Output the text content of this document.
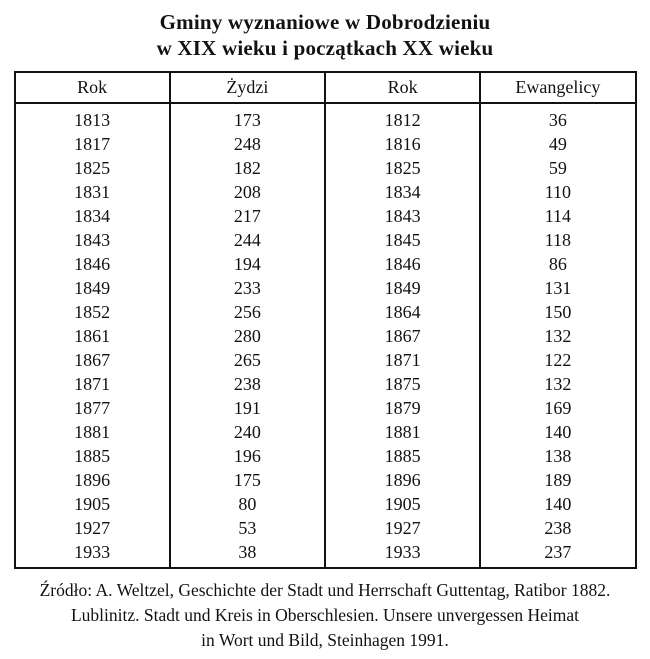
Gminy wyznaniowe w Dobrodzieniu
w XIX wieku i początkach XX wieku
Rok	Żydzi	Rok	Ewangelicy
1813	173	1812	36
1817	248	1816	49
1825	182	1825	59
1831	208	1834	110
1834	217	1843	114
1843	244	1845	118
1846	194	1846	86
1849	233	1849	131
1852	256	1864	150
1861	280	1867	132
1867	265	1871	122
1871	238	1875	132
1877	191	1879	169
1881	240	1881	140
1885	196	1885	138
1896	175	1896	189
1905	80	1905	140
1927	53	1927	238
1933	38	1933	237
Źródło: A. Weltzel, Geschichte der Stadt und Herrschaft Guttentag, Ratibor 1882.
Lublinitz. Stadt und Kreis in Oberschlesien. Unsere unvergessen Heimat
in Wort und Bild, Steinhagen 1991.
